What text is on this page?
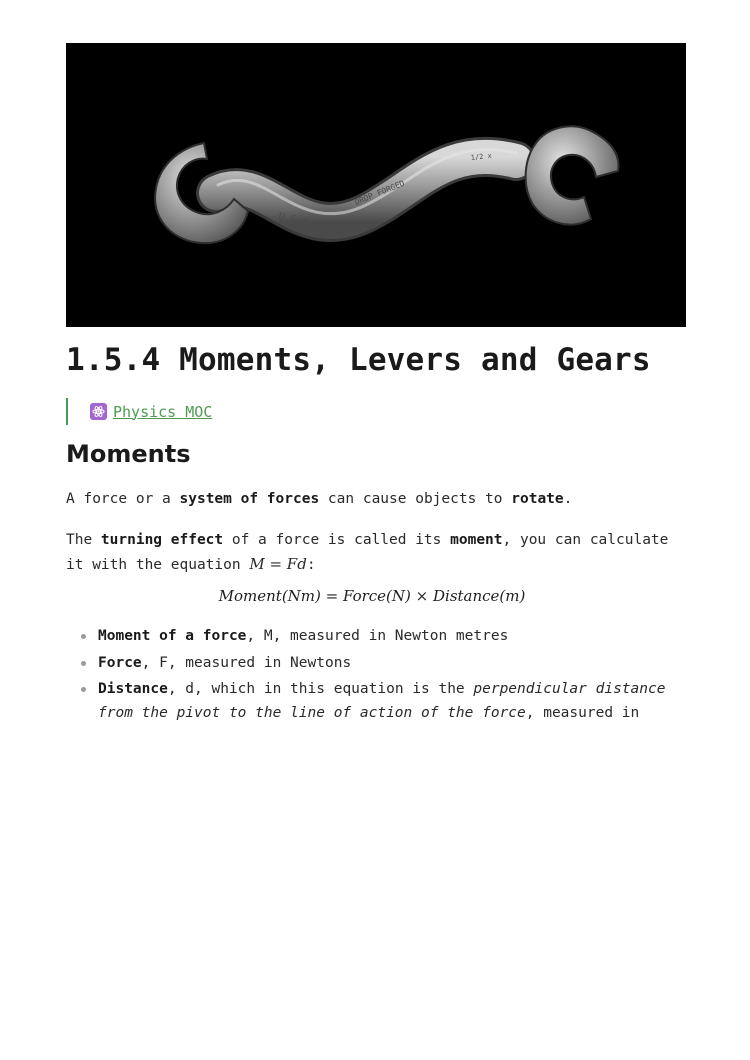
U.S.A.
DROP FORGED
1/2 x
1.5.4 Moments, Levers and Gears
Physics MOC
Moments

A force or a system of forces can cause objects to rotate.

The turning effect of a force is called its moment, you can calculate it with the equation M = Fd:

Moment(Nm) = Force(N) × Distance(m)
Moment of a force, M, measured in Newton metres
Force, F, measured in Newtons
Distance, d, which in this equation is the perpendicular distance from the pivot to the line of action of the force, measured in
